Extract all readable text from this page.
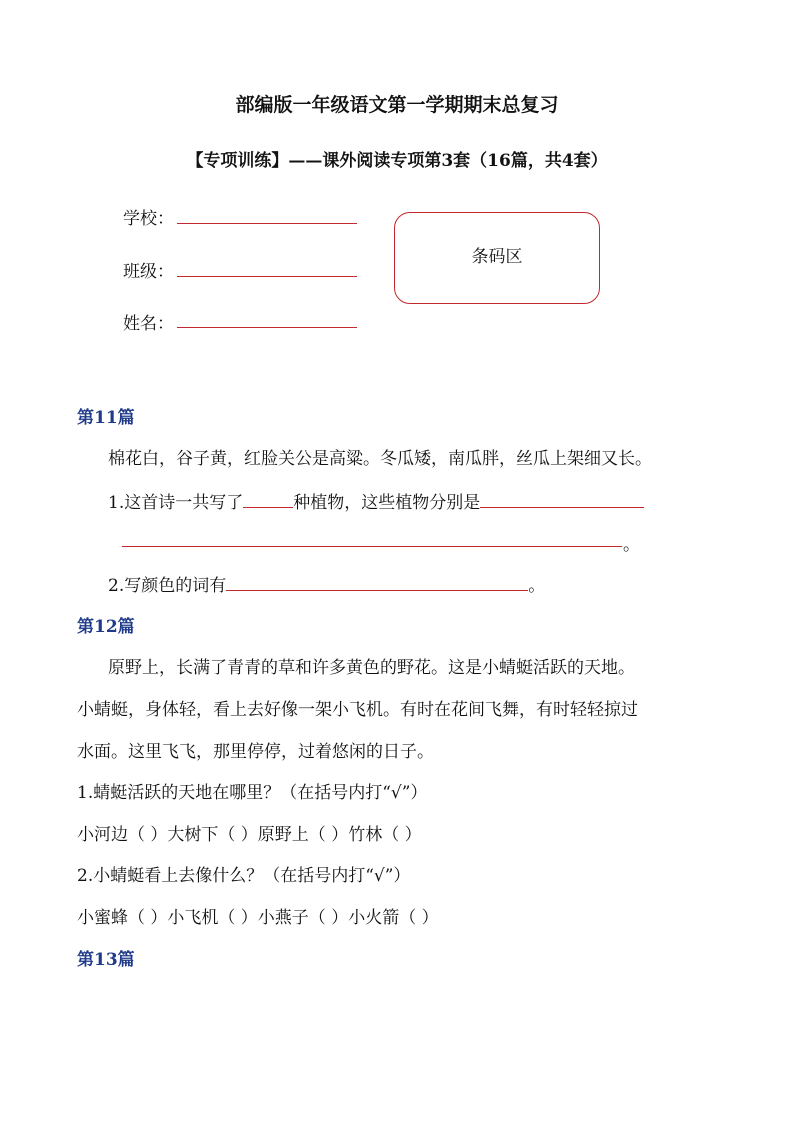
部编版一年级语文第一学期期末总复习
【专项训练】——课外阅读专项第3套（16篇，共4套）
学校：
班级：
姓名：
条码区
第11篇
棉花白，谷子黄，红脸关公是高粱。冬瓜矮，南瓜胖，丝瓜上架细又长。
1.这首诗一共写了	种植物，这些植物分别是
。
2.写颜色的词有	。
第12篇
原野上，长满了青青的草和许多黄色的野花。这是小蜻蜓活跃的天地。
小蜻蜓，身体轻，看上去好像一架小飞机。有时在花间飞舞，有时轻轻掠过
水面。这里飞飞，那里停停，过着悠闲的日子。
1.蜻蜓活跃的天地在哪里？（在括号内打“√”）
小河边（ ）大树下（ ）原野上（ ）竹林（ ）
2.小蜻蜓看上去像什么？（在括号内打“√”）
小蜜蜂（ ）小飞机（ ）小燕子（ ）小火箭（ ）
第13篇
